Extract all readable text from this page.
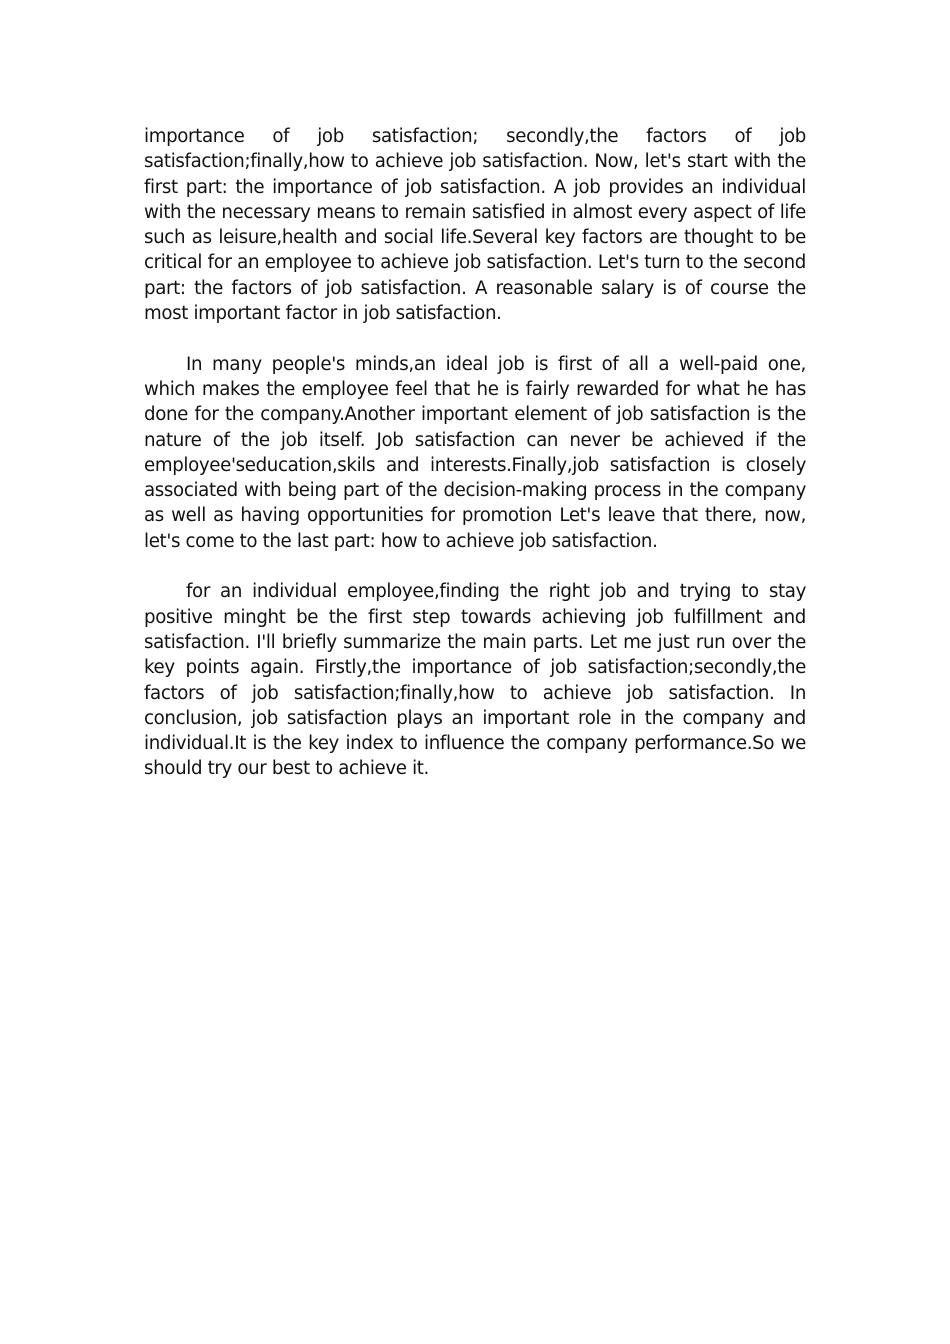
importance of job satisfaction; secondly,the factors of job satisfaction;finally,how to achieve job satisfaction. Now, let's start with the first part: the importance of job satisfaction. A job provides an individual with the necessary means to remain satisfied in almost every aspect of life such as leisure,health and social life.Several key factors are thought to be critical for an employee to achieve job satisfaction. Let's turn to the second part: the factors of job satisfaction. A reasonable salary is of course the most important factor in job satisfaction.

In many people's minds,an ideal job is first of all a well-paid one, which makes the employee feel that he is fairly rewarded for what he has done for the company.Another important element of job satisfaction is the nature of the job itself. Job satisfaction can never be achieved if the employee'seducation,skils and interests.Finally,job satisfaction is closely associated with being part of the decision-making process in the company as well as having opportunities for promotion Let's leave that there, now, let's come to the last part: how to achieve job satisfaction.

for an individual employee,finding the right job and trying to stay positive minght be the first step towards achieving job fulfillment and satisfaction. I'll briefly summarize the main parts. Let me just run over the key points again. Firstly,the importance of job satisfaction;secondly,the factors of job satisfaction;finally,how to achieve job satisfaction. In conclusion, job satisfaction plays an important role in the company and individual.It is the key index to influence the company performance.So we should try our best to achieve it.
